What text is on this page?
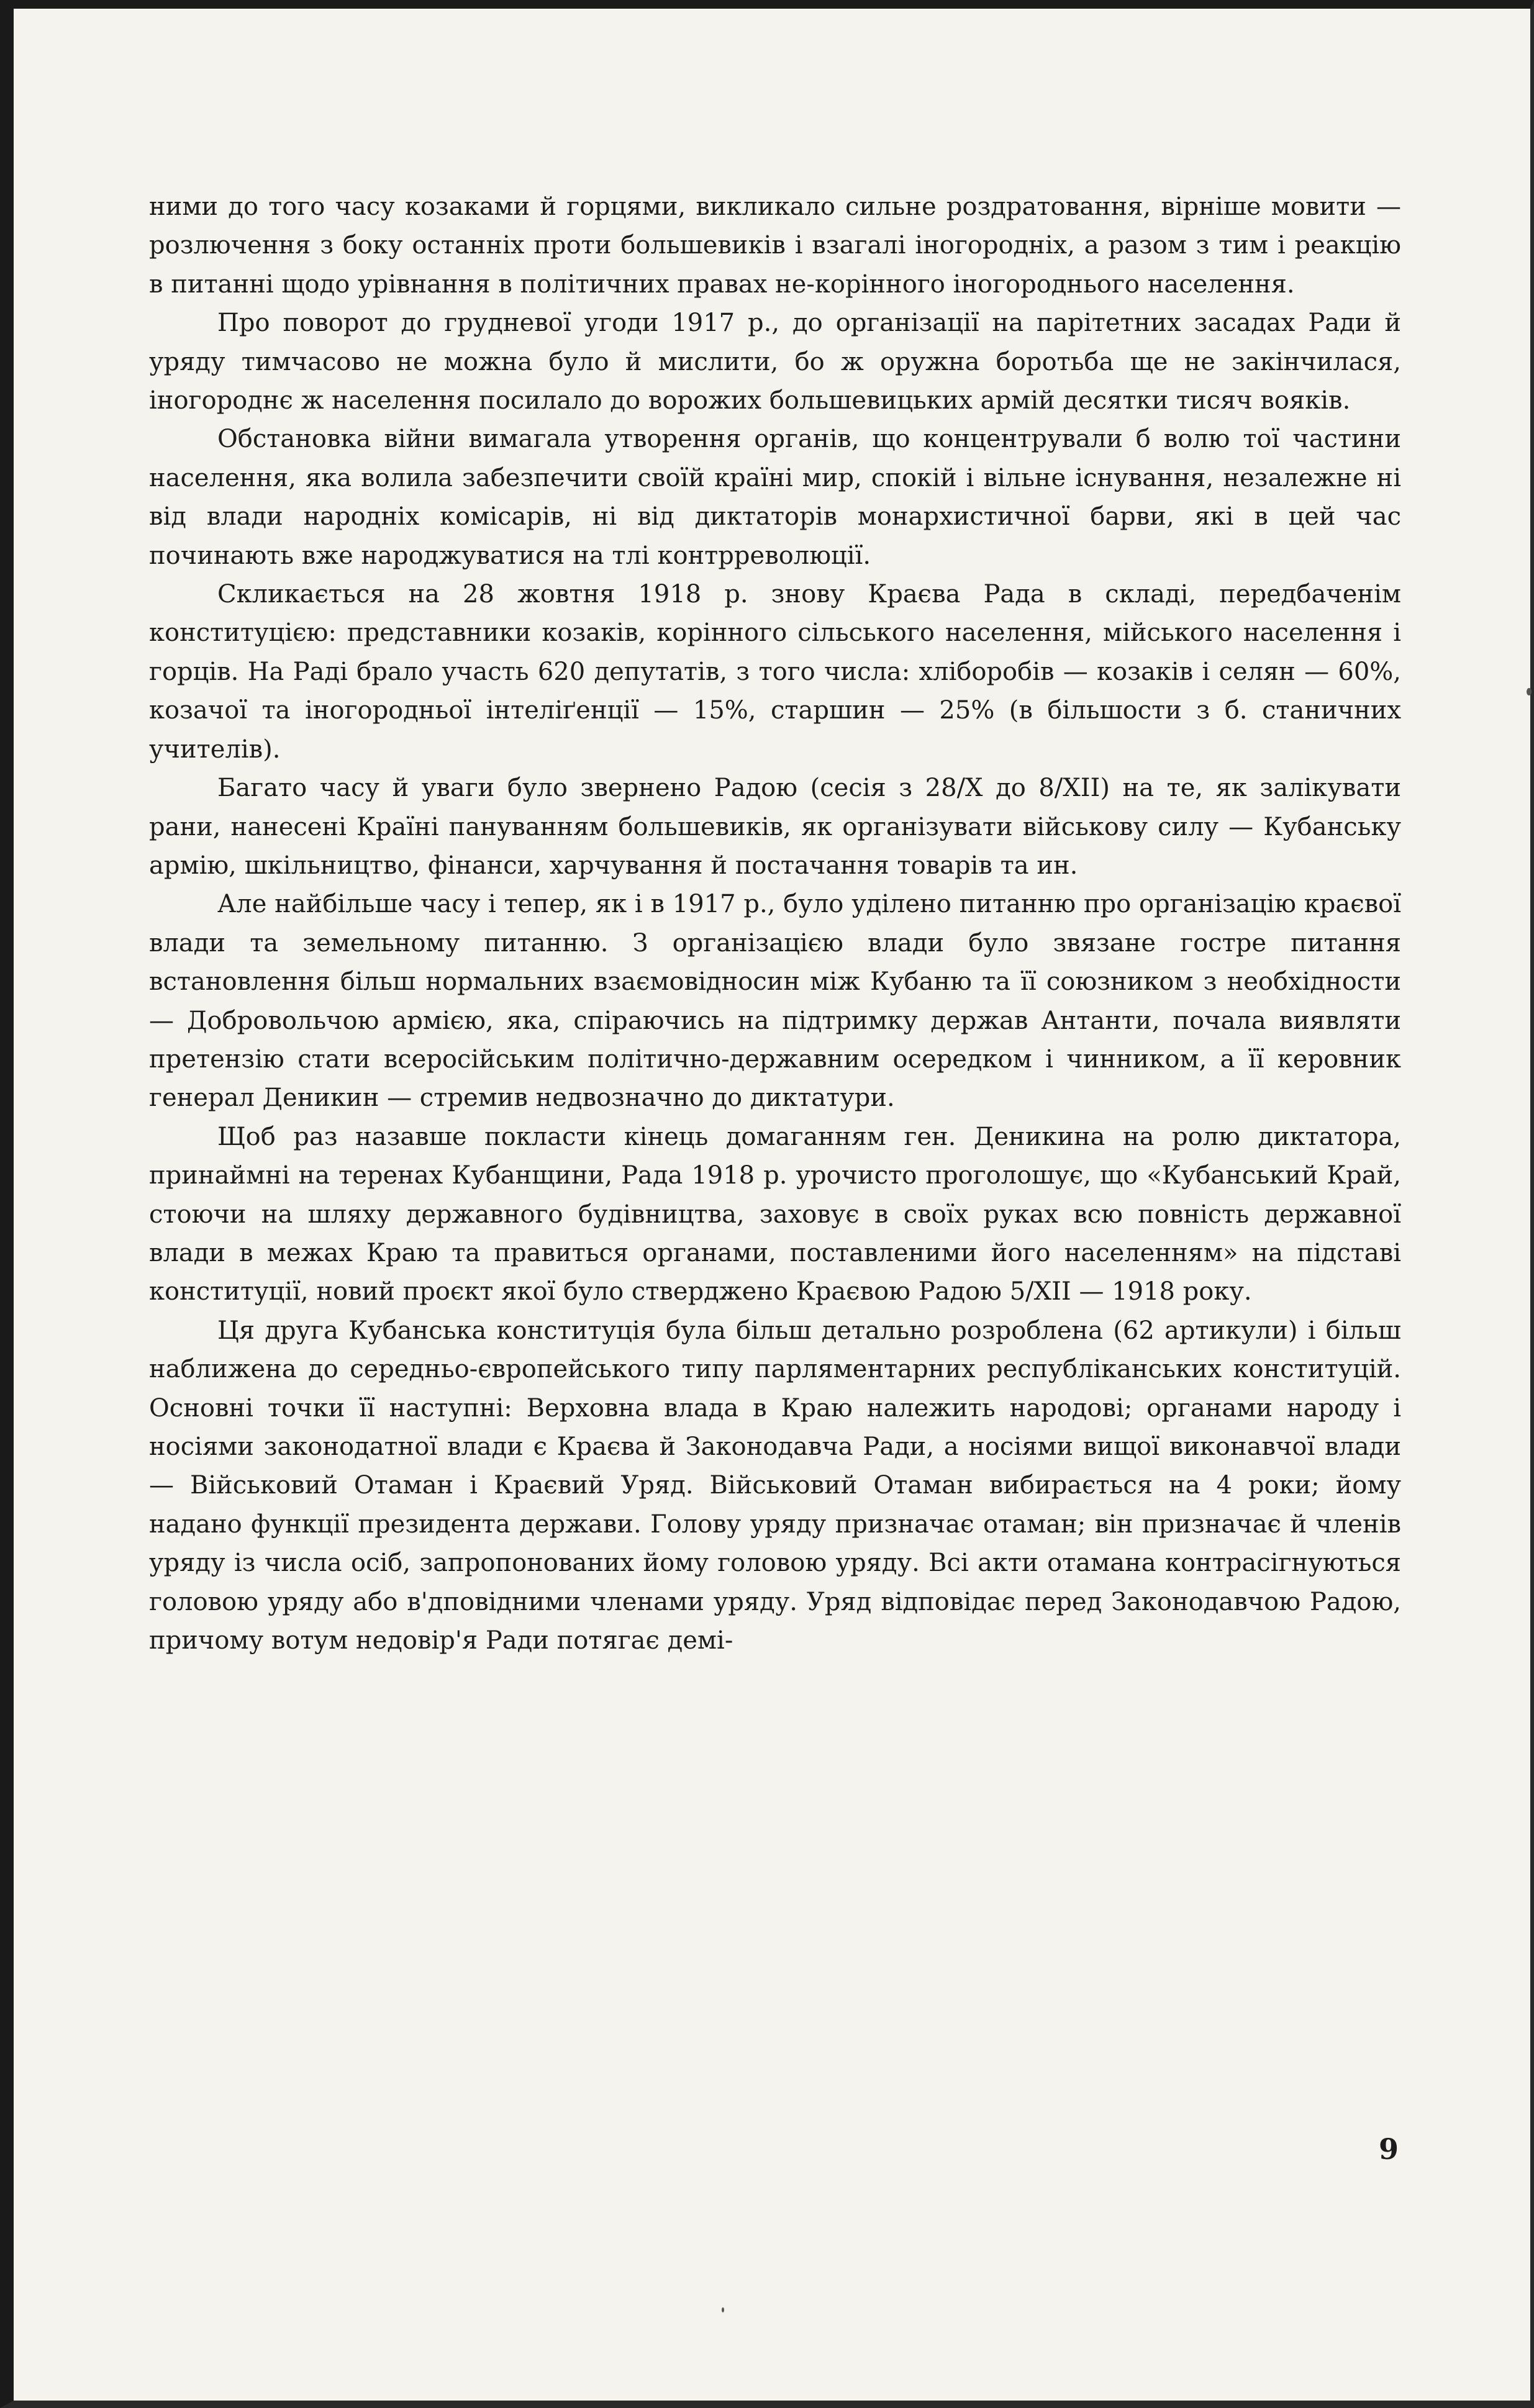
ними до того часу козаками й горцями, викликало сильне роздратовання, вірніше мовити — розлючення з боку останніх проти большевиків і взагалі іногородніх, а разом з тим і реакцію в питанні щодо урівнання в політичних правах не-корінного іногороднього населення.

Про поворот до грудневої угоди 1917 р., до організації на парітетних засадах Ради й уряду тимчасово не можна було й мислити, бо ж оружна боротьба ще не закінчилася, іногороднє ж населення посилало до ворожих большевицьких армій десятки тисяч вояків.

Обстановка війни вимагала утворення органів, що концентрували б волю тої частини населення, яка волила забезпечити своїй країні мир, спокій і вільне існування, незалежне ні від влади народніх комісарів, ні від диктаторів монархистичної барви, які в цей час починають вже народжуватися на тлі контрреволюції.

Скликається на 28 жовтня 1918 р. знову Краєва Рада в складі, передбаченім конституцією: представники козаків, корінного сільського населення, мійського населення і горців. На Раді брало участь 620 депутатів, з того числа: хліборобів — козаків і селян — 60%, козачої та іногородньої інтеліґенції — 15%, старшин — 25% (в більшости з б. станичних учителів).

Багато часу й уваги було звернено Радою (сесія з 28/X до 8/XII) на те, як залікувати рани, нанесені Країні пануванням большевиків, як організувати військову силу — Кубанську армію, шкільництво, фінанси, харчування й постачання товарів та ин.

Але найбільше часу і тепер, як і в 1917 р., було уділено питанню про організацію краєвої влади та земельному питанню. З організацією влади було звязане гостре питання встановлення більш нормальних взаємовідносин між Кубаню та її союзником з необхідности — Добровольчою армією, яка, спіраючись на підтримку держав Антанти, почала виявляти претензію стати всеросійським політично-державним осередком і чинником, а її керовник генерал Деникин — стремив недвозначно до диктатури.

Щоб раз назавше покласти кінець домаганням ген. Деникина на ролю диктатора, принаймні на теренах Кубанщини, Рада 1918 р. урочисто проголошує, що «Кубанський Край, стоючи на шляху державного будівництва, заховує в своїх руках всю повність державної влади в межах Краю та правиться органами, поставленими його населенням» на підставі конституції, новий проєкт якої було стверджено Краєвою Радою 5/XII — 1918 року.

Ця друга Кубанська конституція була більш детально розроблена (62 артикули) і більш наближена до середньо-європейського типу парляментарних республіканських конституцій. Основні точки її наступні: Верховна влада в Краю належить народові; органами народу і носіями законодатної влади є Краєва й Законодавча Ради, а носіями вищої виконавчої влади — Військовий Отаман і Краєвий Уряд. Військовий Отаман вибирається на 4 роки; йому надано функції президента держави. Голову уряду призначає отаман; він призначає й членів уряду із числа осіб, запропонованих йому головою уряду. Всі акти отамана контрасігнуються головою уряду або в'дповідними членами уряду. Уряд відповідає перед Законодавчою Радою, причому вотум недовір'я Ради потягає демі-

9
